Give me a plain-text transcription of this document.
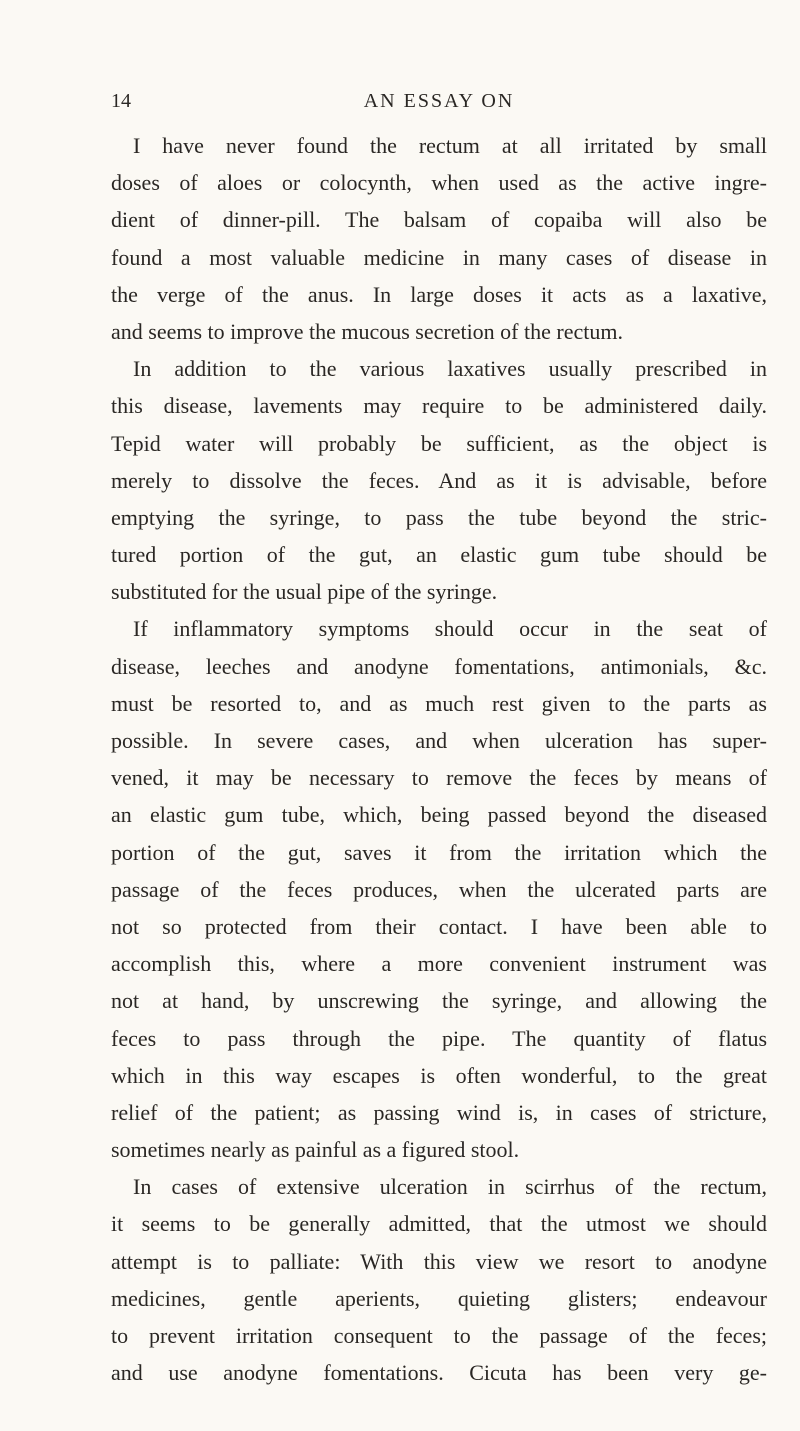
14	AN ESSAY ON

I have never found the rectum at all irritated by small
doses of aloes or colocynth, when used as the active ingre-
dient of dinner-pill. The balsam of copaiba will also be
found a most valuable medicine in many cases of disease in
the verge of the anus. In large doses it acts as a laxative,
and seems to improve the mucous secretion of the rectum.

In addition to the various laxatives usually prescribed in
this disease, lavements may require to be administered daily.
Tepid water will probably be sufficient, as the object is
merely to dissolve the feces. And as it is advisable, before
emptying the syringe, to pass the tube beyond the stric-
tured portion of the gut, an elastic gum tube should be
substituted for the usual pipe of the syringe.

If inflammatory symptoms should occur in the seat of
disease, leeches and anodyne fomentations, antimonials, &c.
must be resorted to, and as much rest given to the parts as
possible. In severe cases, and when ulceration has super-
vened, it may be necessary to remove the feces by means of
an elastic gum tube, which, being passed beyond the diseased
portion of the gut, saves it from the irritation which the
passage of the feces produces, when the ulcerated parts are
not so protected from their contact. I have been able to
accomplish this, where a more convenient instrument was
not at hand, by unscrewing the syringe, and allowing the
feces to pass through the pipe. The quantity of flatus
which in this way escapes is often wonderful, to the great
relief of the patient; as passing wind is, in cases of stricture,
sometimes nearly as painful as a figured stool.

In cases of extensive ulceration in scirrhus of the rectum,
it seems to be generally admitted, that the utmost we should
attempt is to palliate: With this view we resort to anodyne
medicines, gentle aperients, quieting glisters; endeavour
to prevent irritation consequent to the passage of the feces;
and use anodyne fomentations. Cicuta has been very ge-
